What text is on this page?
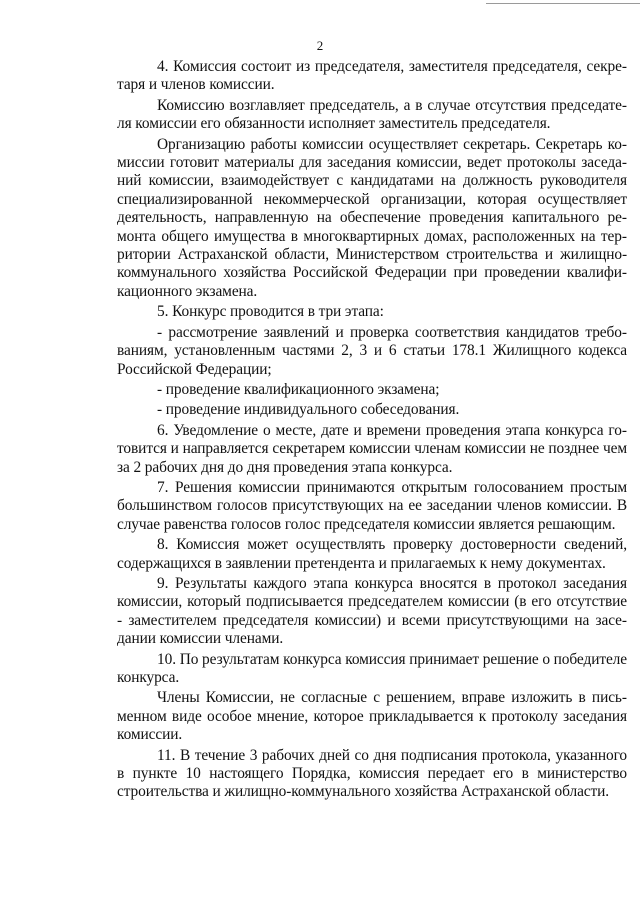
2

4. Комиссия состоит из председателя, заместителя председателя, секретаря и членов комиссии.

Комиссию возглавляет председатель, а в случае отсутствия председателя комиссии его обязанности исполняет заместитель председателя.

Организацию работы комиссии осуществляет секретарь. Секретарь комиссии готовит материалы для заседания комиссии, ведет протоколы заседаний комиссии, взаимодействует с кандидатами на должность руководителя специализированной некоммерческой организации, которая осуществляет деятельность, направленную на обеспечение проведения капитального ремонта общего имущества в многоквартирных домах, расположенных на территории Астраханской области, Министерством строительства и жилищно-коммунального хозяйства Российской Федерации при проведении квалификационного экзамена.

5. Конкурс проводится в три этапа:

- рассмотрение заявлений и проверка соответствия кандидатов требованиям, установленным частями 2, 3 и 6 статьи 178.1 Жилищного кодекса Российской Федерации;

- проведение квалификационного экзамена;

- проведение индивидуального собеседования.

6. Уведомление о месте, дате и времени проведения этапа конкурса готовится и направляется секретарем комиссии членам комиссии не позднее чем за 2 рабочих дня до дня проведения этапа конкурса.

7. Решения комиссии принимаются открытым голосованием простым большинством голосов присутствующих на ее заседании членов комиссии. В случае равенства голосов голос председателя комиссии является решающим.

8. Комиссия может осуществлять проверку достоверности сведений, содержащихся в заявлении претендента и прилагаемых к нему документах.

9. Результаты каждого этапа конкурса вносятся в протокол заседания комиссии, который подписывается председателем комиссии (в его отсутствие - заместителем председателя комиссии) и всеми присутствующими на заседании комиссии членами.

10. По результатам конкурса комиссия принимает решение о победителе конкурса.

Члены Комиссии, не согласные с решением, вправе изложить в письменном виде особое мнение, которое прикладывается к протоколу заседания комиссии.

11. В течение 3 рабочих дней со дня подписания протокола, указанного в пункте 10 настоящего Порядка, комиссия передает его в министерство строительства и жилищно-коммунального хозяйства Астраханской области.
